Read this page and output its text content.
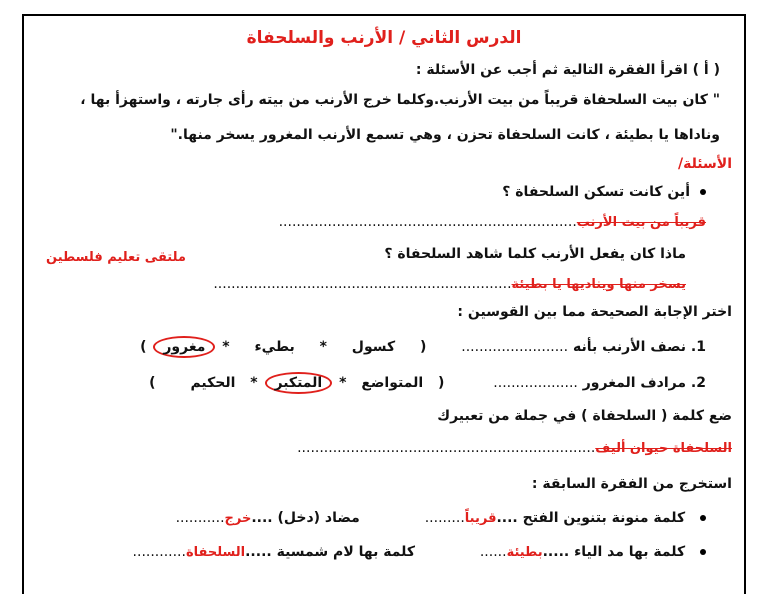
الدرس الثاني / الأرنب والسلحفاة
( أ ) اقرأ الفقرة التالية ثم أجب عن الأسئلة :
" كان بيت السلحفاة قريباً من بيت الأرنب.وكلما خرج الأرنب من بيته رأى جارته ، واستهزأ بها ،
وناداها يا بطيئة ، كانت السلحفاة تحزن ، وهي تسمع الأرنب المغرور يسخر منها."
الأسئلة/
أين كانت تسكن السلحفاة ؟
قريباً من بيت الأرنب...................................................................
ماذا كان يفعل الأرنب كلما شاهد السلحفاة ؟
ملتقى تعليم فلسطين
يسخر منها ويناديها يا بطيئة...................................................................
اختر الإجابة الصحيحة مما بين القوسين :
1. نصف الأرنب بأنه ........................ ( كسول * بطيء * مغرور )
2. مرادف المغرور ................... ( المتواضع * المتكبر * الحكيم )
ضع كلمة ( السلحفاة ) في جملة من تعبيرك
السلحفاة حيوان أليف...................................................................
استخرج من الفقرة السابقة :
كلمة منونة بتنوين الفتح ....قريباً......... مضاد (دخل) ....خرج...........
كلمة بها مد الياء .....بطيئة...... كلمة بها لام شمسية .....السلحفاة............
